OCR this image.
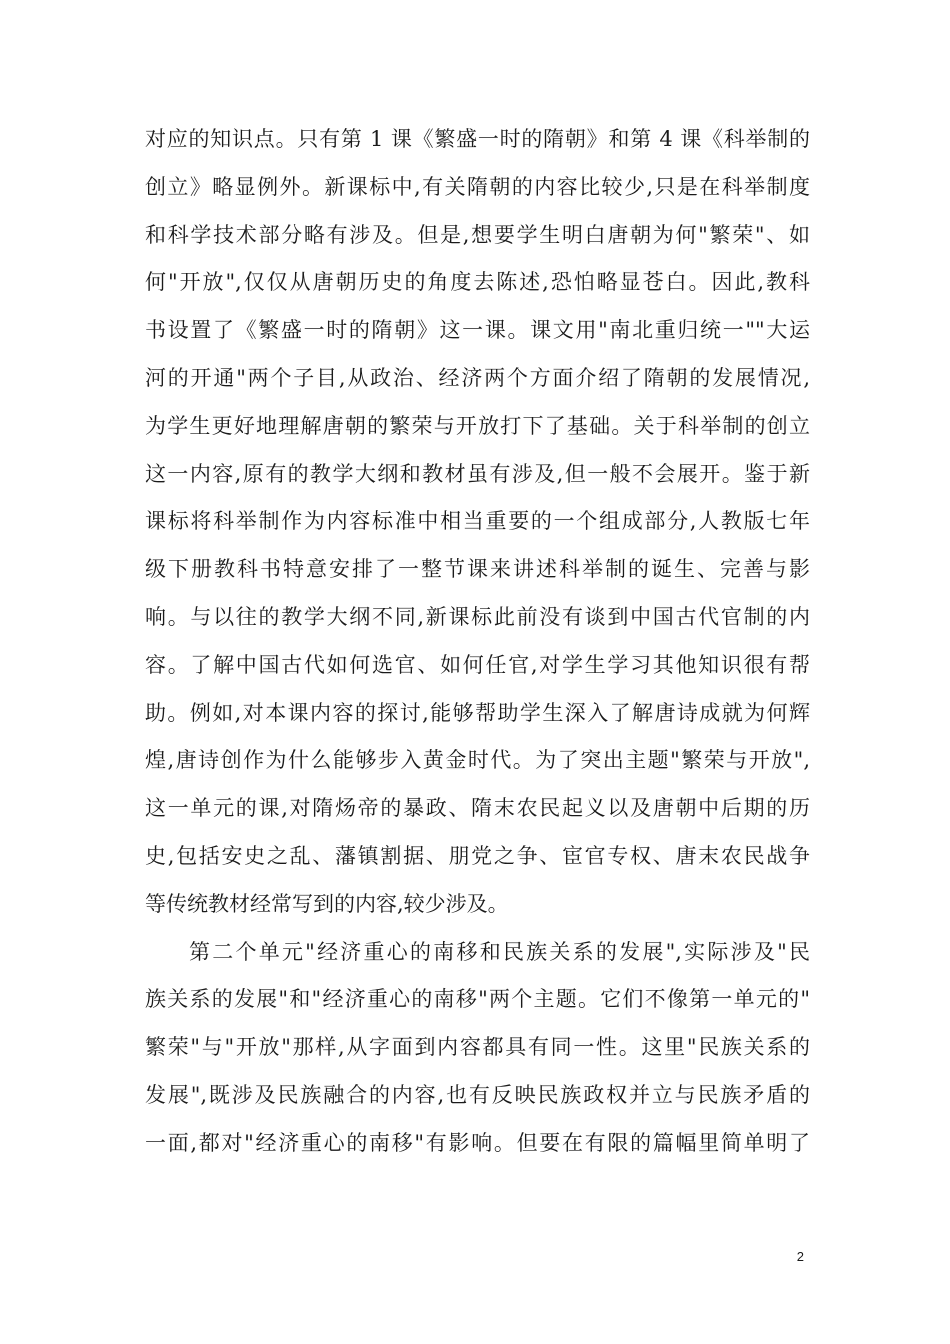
对应的知识点。只有第 1 课《繁盛一时的隋朝》和第 4 课《科举制的
创立》略显例外。新课标中,有关隋朝的内容比较少,只是在科举制度
和科学技术部分略有涉及。但是,想要学生明白唐朝为何"繁荣"、如
何"开放",仅仅从唐朝历史的角度去陈述,恐怕略显苍白。因此,教科
书设置了《繁盛一时的隋朝》这一课。课文用"南北重归统一""大运
河的开通"两个子目,从政治、经济两个方面介绍了隋朝的发展情况,
为学生更好地理解唐朝的繁荣与开放打下了基础。关于科举制的创立
这一内容,原有的教学大纲和教材虽有涉及,但一般不会展开。鉴于新
课标将科举制作为内容标准中相当重要的一个组成部分,人教版七年
级下册教科书特意安排了一整节课来讲述科举制的诞生、完善与影
响。与以往的教学大纲不同,新课标此前没有谈到中国古代官制的内
容。了解中国古代如何选官、如何任官,对学生学习其他知识很有帮
助。例如,对本课内容的探讨,能够帮助学生深入了解唐诗成就为何辉
煌,唐诗创作为什么能够步入黄金时代。为了突出主题"繁荣与开放",
这一单元的课,对隋炀帝的暴政、隋末农民起义以及唐朝中后期的历
史,包括安史之乱、藩镇割据、朋党之争、宦官专权、唐末农民战争
等传统教材经常写到的内容,较少涉及。
第二个单元"经济重心的南移和民族关系的发展",实际涉及"民
族关系的发展"和"经济重心的南移"两个主题。它们不像第一单元的"
繁荣"与"开放"那样,从字面到内容都具有同一性。这里"民族关系的
发展",既涉及民族融合的内容,也有反映民族政权并立与民族矛盾的
一面,都对"经济重心的南移"有影响。但要在有限的篇幅里简单明了
2
